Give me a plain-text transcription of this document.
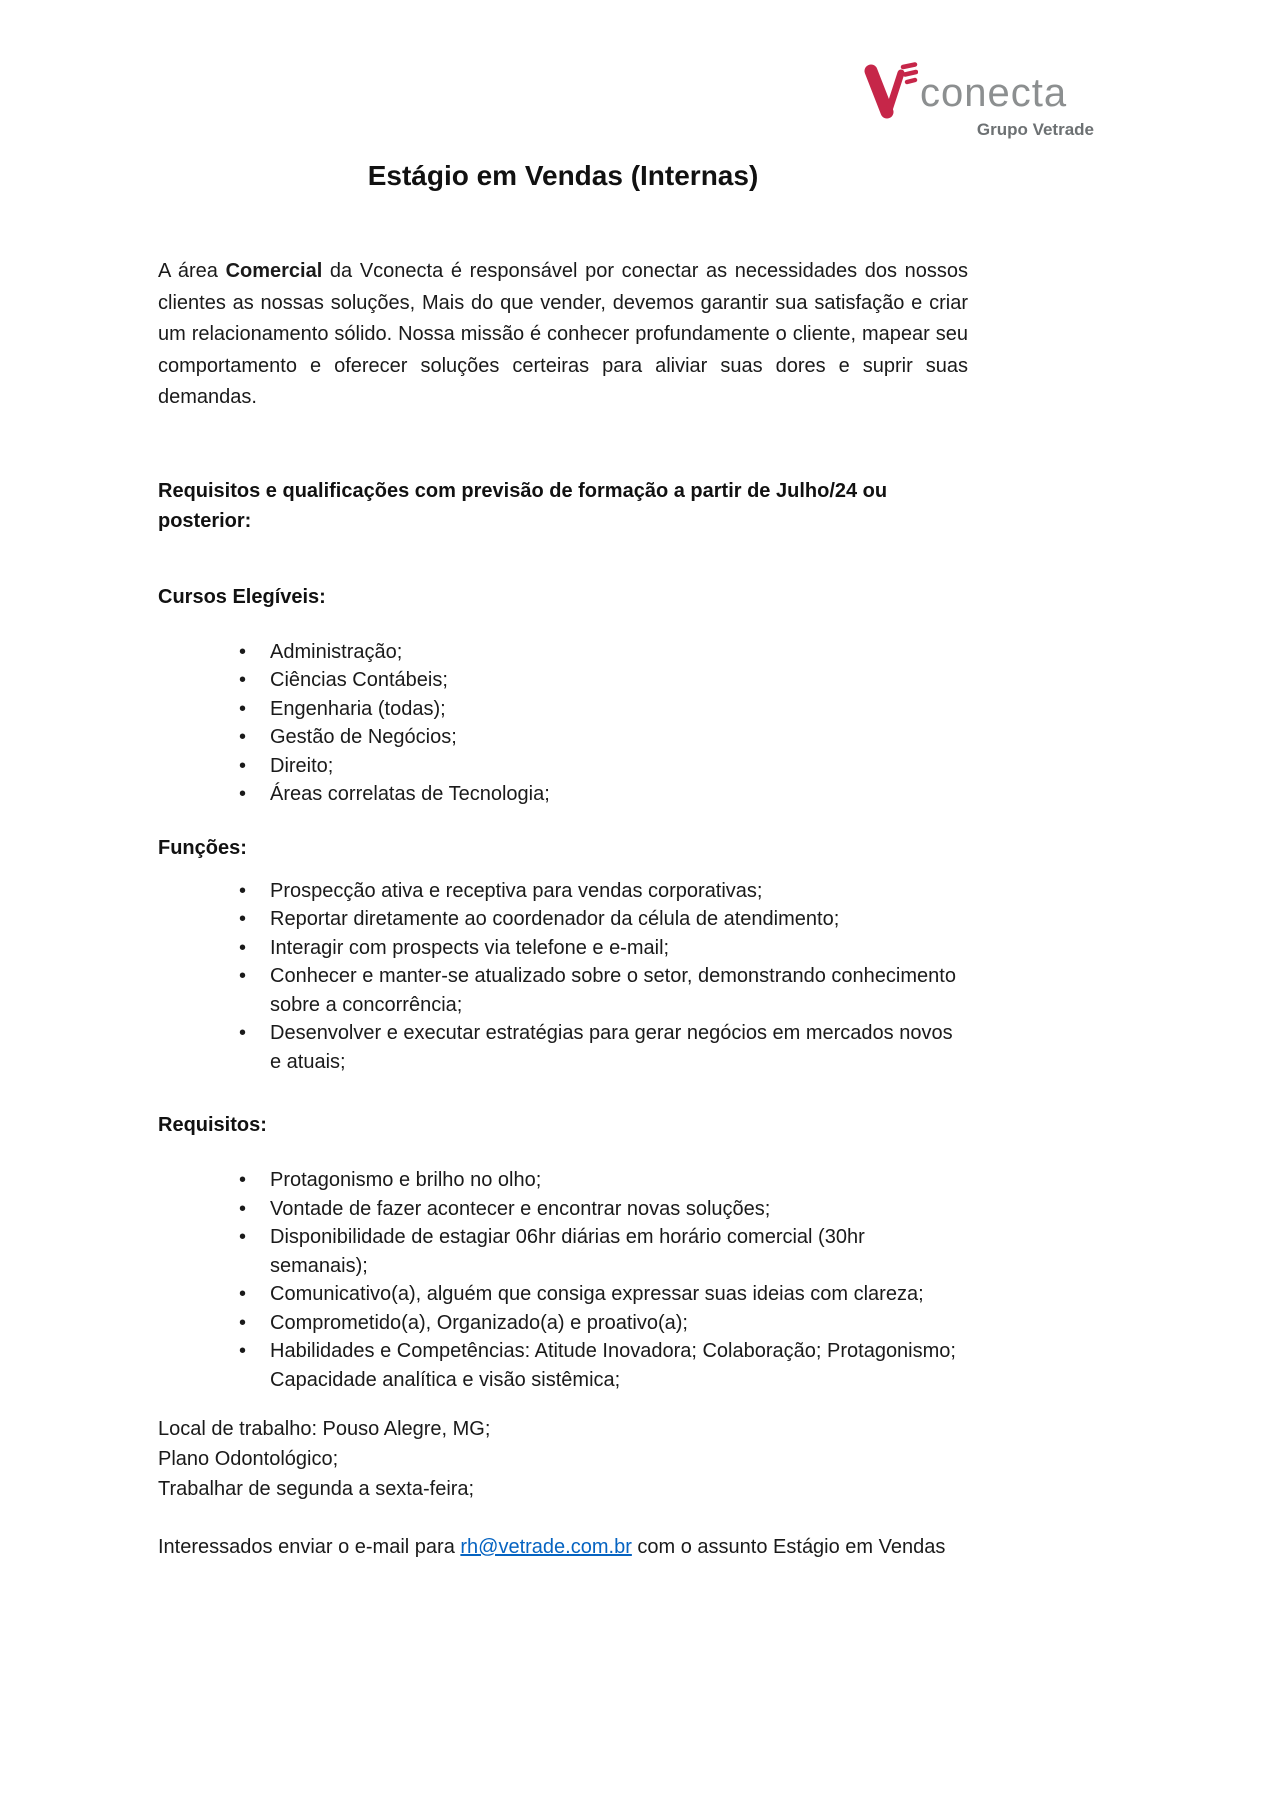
conecta
Grupo Vetrade
Estágio em Vendas (Internas)

A área Comercial da Vconecta é responsável por conectar as necessidades dos nossos clientes as nossas soluções, Mais do que vender, devemos garantir sua satisfação e criar um relacionamento sólido. Nossa missão é conhecer profundamente o cliente, mapear seu comportamento e oferecer soluções certeiras para aliviar suas dores e suprir suas demandas.

Requisitos e qualificações com previsão de formação a partir de Julho/24 ou posterior:

Cursos Elegíveis:

• Administração;
• Ciências Contábeis;
• Engenharia (todas);
• Gestão de Negócios;
• Direito;
• Áreas correlatas de Tecnologia;

Funções:

• Prospecção ativa e receptiva para vendas corporativas;
• Reportar diretamente ao coordenador da célula de atendimento;
• Interagir com prospects via telefone e e-mail;
• Conhecer e manter-se atualizado sobre o setor, demonstrando conhecimento sobre a concorrência;
• Desenvolver e executar estratégias para gerar negócios em mercados novos e atuais;

Requisitos:

• Protagonismo e brilho no olho;
• Vontade de fazer acontecer e encontrar novas soluções;
• Disponibilidade de estagiar 06hr diárias em horário comercial (30hr semanais);
• Comunicativo(a), alguém que consiga expressar suas ideias com clareza;
• Comprometido(a), Organizado(a) e proativo(a);
• Habilidades e Competências: Atitude Inovadora; Colaboração; Protagonismo; Capacidade analítica e visão sistêmica;
Local de trabalho: Pouso Alegre, MG;
Plano Odontológico;
Trabalhar de segunda a sexta-feira;

Interessados enviar o e-mail para rh@vetrade.com.br com o assunto Estágio em Vendas
